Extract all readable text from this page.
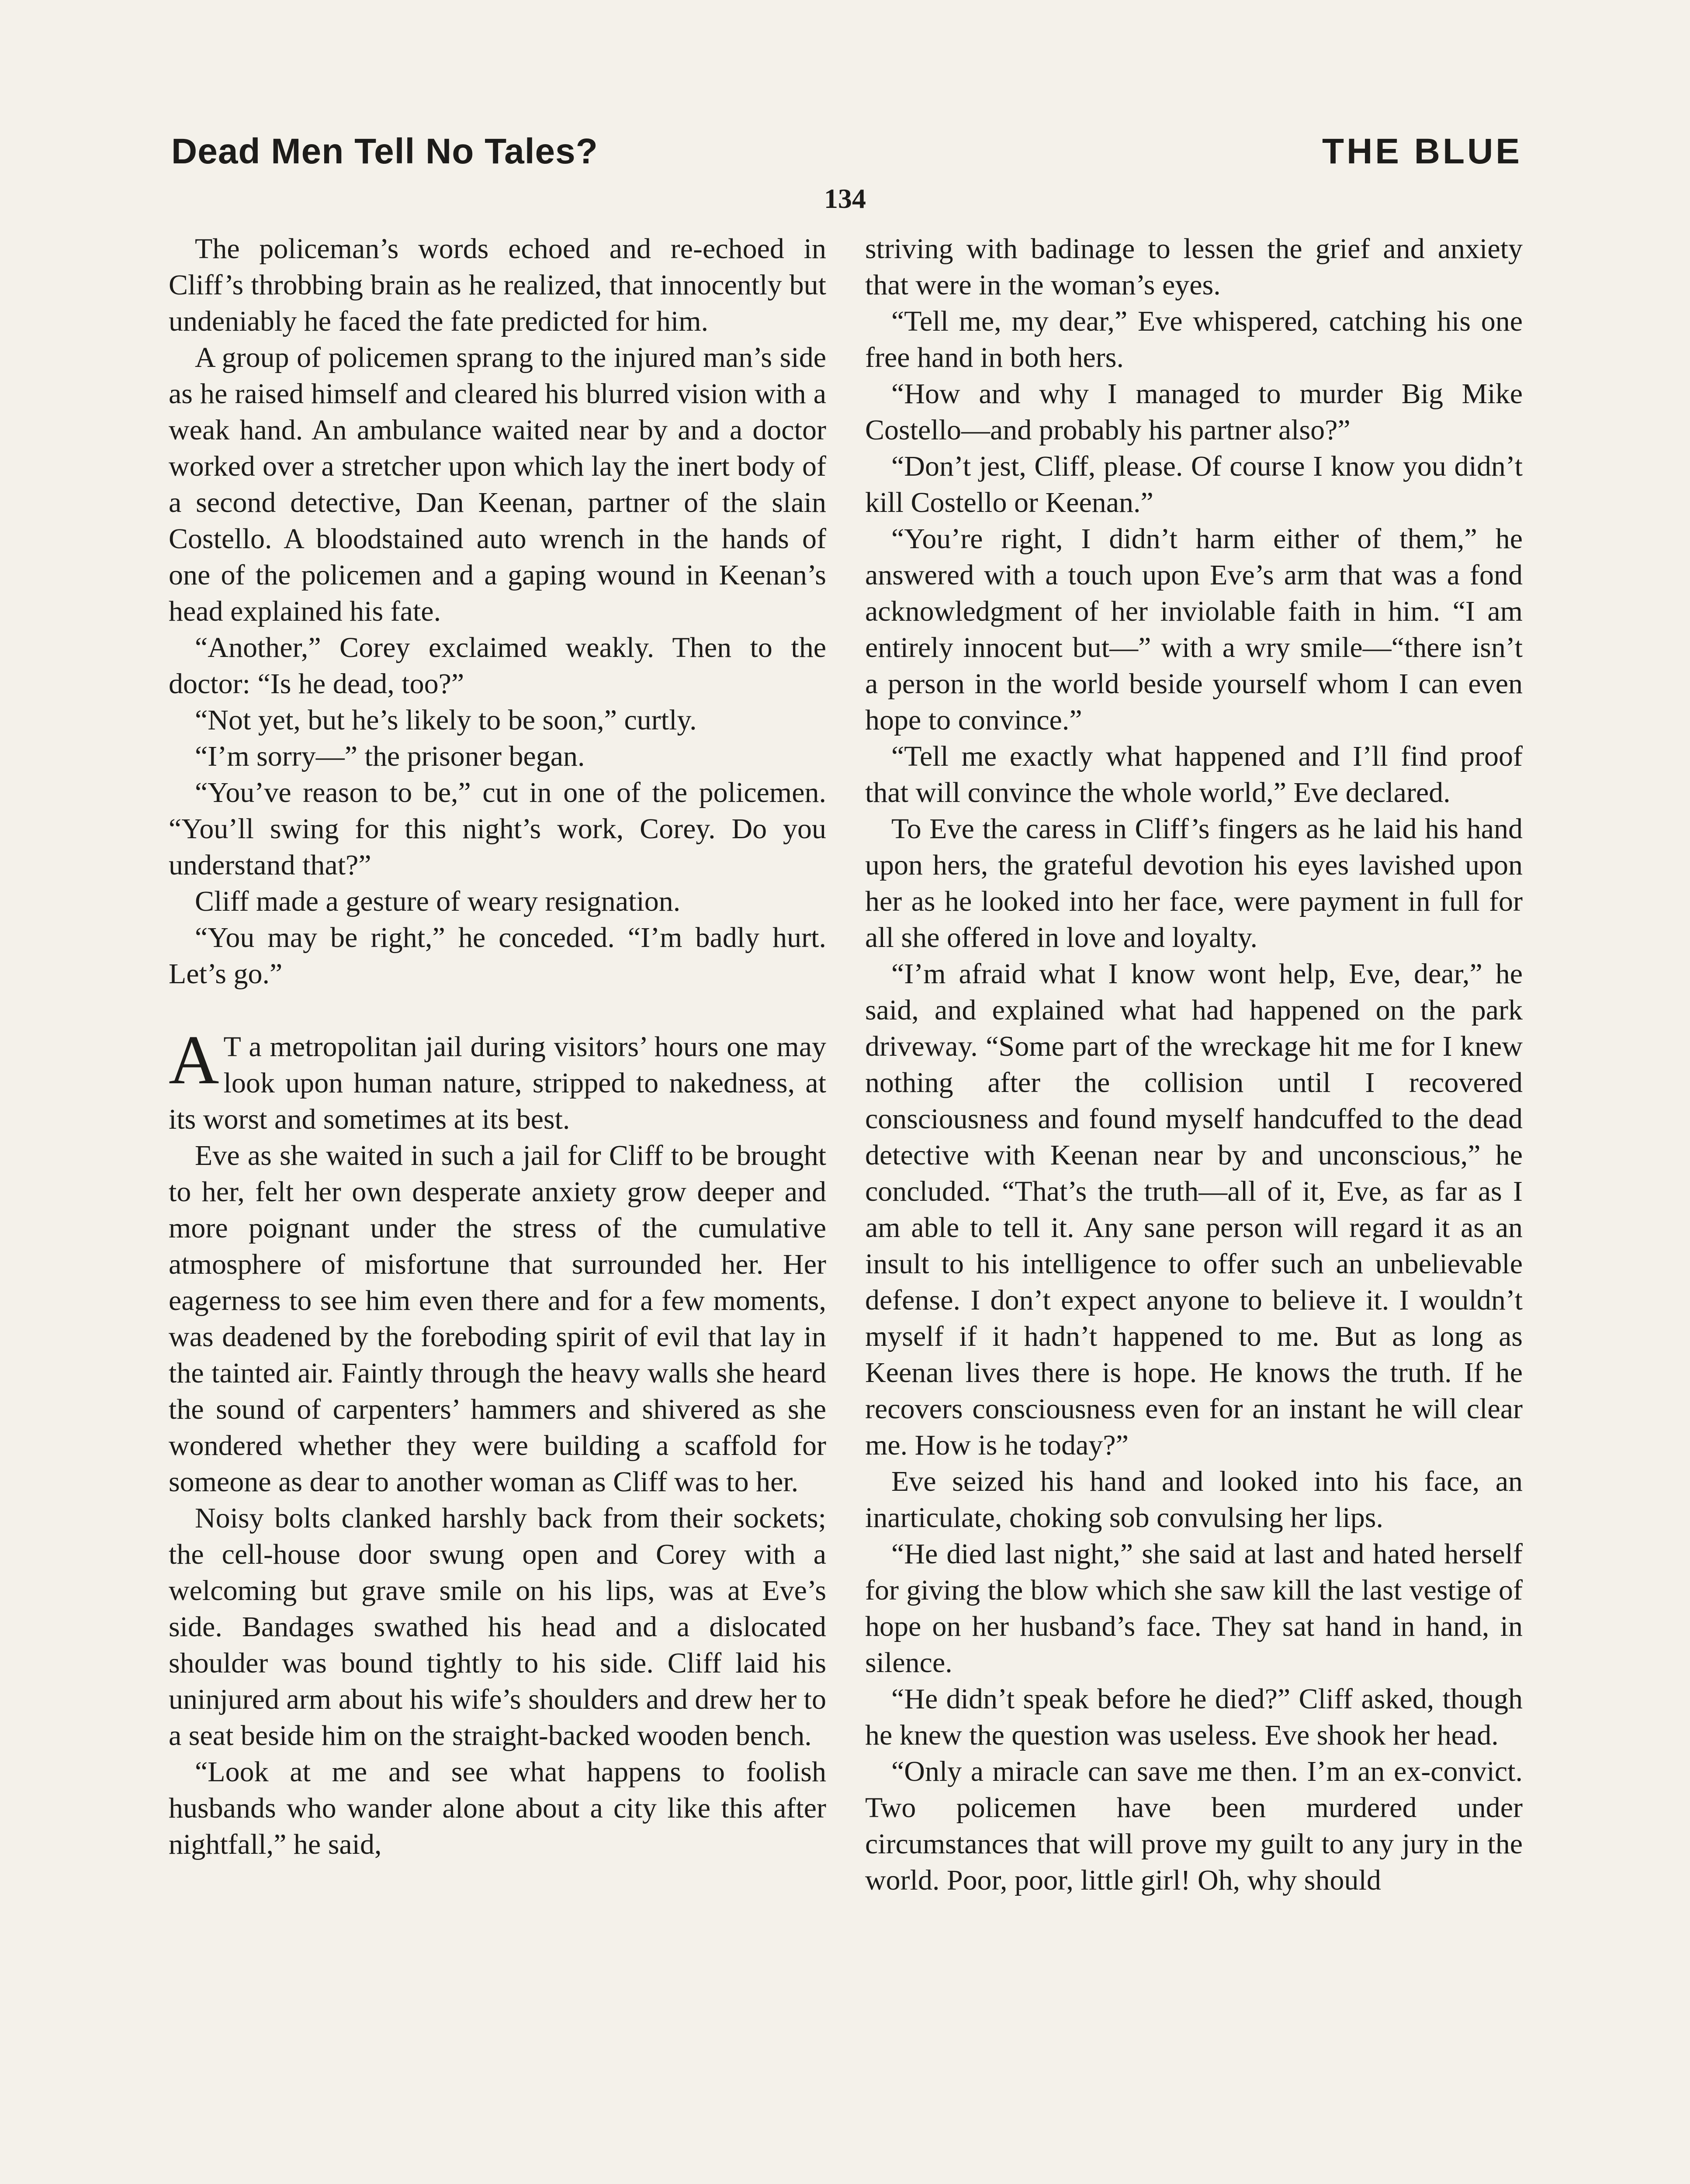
Dead Men Tell No Tales?	THE BLUE
134

The policeman’s words echoed and re-echoed in Cliff’s throbbing brain as he realized, that innocently but undeniably he faced the fate predicted for him.

A group of policemen sprang to the injured man’s side as he raised himself and cleared his blurred vision with a weak hand. An ambulance waited near by and a doctor worked over a stretcher upon which lay the inert body of a second detective, Dan Keenan, partner of the slain Costello. A bloodstained auto wrench in the hands of one of the policemen and a gaping wound in Keenan’s head explained his fate.

“Another,” Corey exclaimed weakly. Then to the doctor: “Is he dead, too?”

“Not yet, but he’s likely to be soon,” curtly.

“I’m sorry—” the prisoner began.

“You’ve reason to be,” cut in one of the policemen. “You’ll swing for this night’s work, Corey. Do you understand that?”

Cliff made a gesture of weary resignation.

“You may be right,” he conceded. “I’m badly hurt. Let’s go.”

A T a metropolitan jail during visitors’ hours one may look upon human nature, stripped to nakedness, at its worst and sometimes at its best.

Eve as she waited in such a jail for Cliff to be brought to her, felt her own desperate anxiety grow deeper and more poignant under the stress of the cumulative atmosphere of misfortune that surrounded her. Her eagerness to see him even there and for a few moments, was deadened by the foreboding spirit of evil that lay in the tainted air. Faintly through the heavy walls she heard the sound of carpenters’ hammers and shivered as she wondered whether they were building a scaffold for someone as dear to another woman as Cliff was to her.

Noisy bolts clanked harshly back from their sockets; the cell-house door swung open and Corey with a welcoming but grave smile on his lips, was at Eve’s side. Bandages swathed his head and a dislocated shoulder was bound tightly to his side. Cliff laid his uninjured arm about his wife’s shoulders and drew her to a seat beside him on the straight-backed wooden bench.

“Look at me and see what happens to foolish husbands who wander alone about a city like this after nightfall,” he said,

striving with badinage to lessen the grief and anxiety that were in the woman’s eyes.

“Tell me, my dear,” Eve whispered, catching his one free hand in both hers.

“How and why I managed to murder Big Mike Costello—and probably his partner also?”

“Don’t jest, Cliff, please. Of course I know you didn’t kill Costello or Keenan.”

“You’re right, I didn’t harm either of them,” he answered with a touch upon Eve’s arm that was a fond acknowledgment of her inviolable faith in him. “I am entirely innocent but—” with a wry smile—“there isn’t a person in the world beside yourself whom I can even hope to convince.”

“Tell me exactly what happened and I’ll find proof that will convince the whole world,” Eve declared.

To Eve the caress in Cliff’s fingers as he laid his hand upon hers, the grateful devotion his eyes lavished upon her as he looked into her face, were payment in full for all she offered in love and loyalty.

“I’m afraid what I know wont help, Eve, dear,” he said, and explained what had happened on the park driveway. “Some part of the wreckage hit me for I knew nothing after the collision until I recovered consciousness and found myself handcuffed to the dead detective with Keenan near by and unconscious,” he concluded. “That’s the truth—all of it, Eve, as far as I am able to tell it. Any sane person will regard it as an insult to his intelligence to offer such an unbelievable defense. I don’t expect anyone to believe it. I wouldn’t myself if it hadn’t happened to me. But as long as Keenan lives there is hope. He knows the truth. If he recovers consciousness even for an instant he will clear me. How is he today?”

Eve seized his hand and looked into his face, an inarticulate, choking sob convulsing her lips.

“He died last night,” she said at last and hated herself for giving the blow which she saw kill the last vestige of hope on her husband’s face. They sat hand in hand, in silence.

“He didn’t speak before he died?” Cliff asked, though he knew the question was useless. Eve shook her head.

“Only a miracle can save me then. I’m an ex-convict. Two policemen have been murdered under circumstances that will prove my guilt to any jury in the world. Poor, poor, little girl! Oh, why should
